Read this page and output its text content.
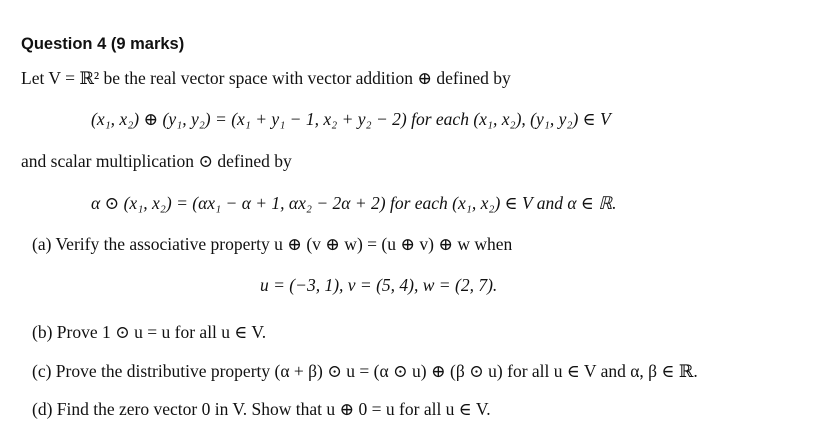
Question 4 (9 marks)
Let V = ℝ² be the real vector space with vector addition ⊕ defined by
(x₁, x₂) ⊕ (y₁, y₂) = (x₁ + y₁ − 1, x₂ + y₂ − 2) for each (x₁, x₂), (y₁, y₂) ∈ V
and scalar multiplication ⊙ defined by
α ⊙ (x₁, x₂) = (αx₁ − α + 1, αx₂ − 2α + 2) for each (x₁, x₂) ∈ V and α ∈ ℝ.
(a) Verify the associative property u ⊕ (v ⊕ w) = (u ⊕ v) ⊕ w when
u = (−3, 1), v = (5, 4), w = (2, 7).
(b) Prove 1 ⊙ u = u for all u ∈ V.
(c) Prove the distributive property (α + β) ⊙ u = (α ⊙ u) ⊕ (β ⊙ u) for all u ∈ V and α, β ∈ ℝ.
(d) Find the zero vector 0 in V. Show that u ⊕ 0 = u for all u ∈ V.
